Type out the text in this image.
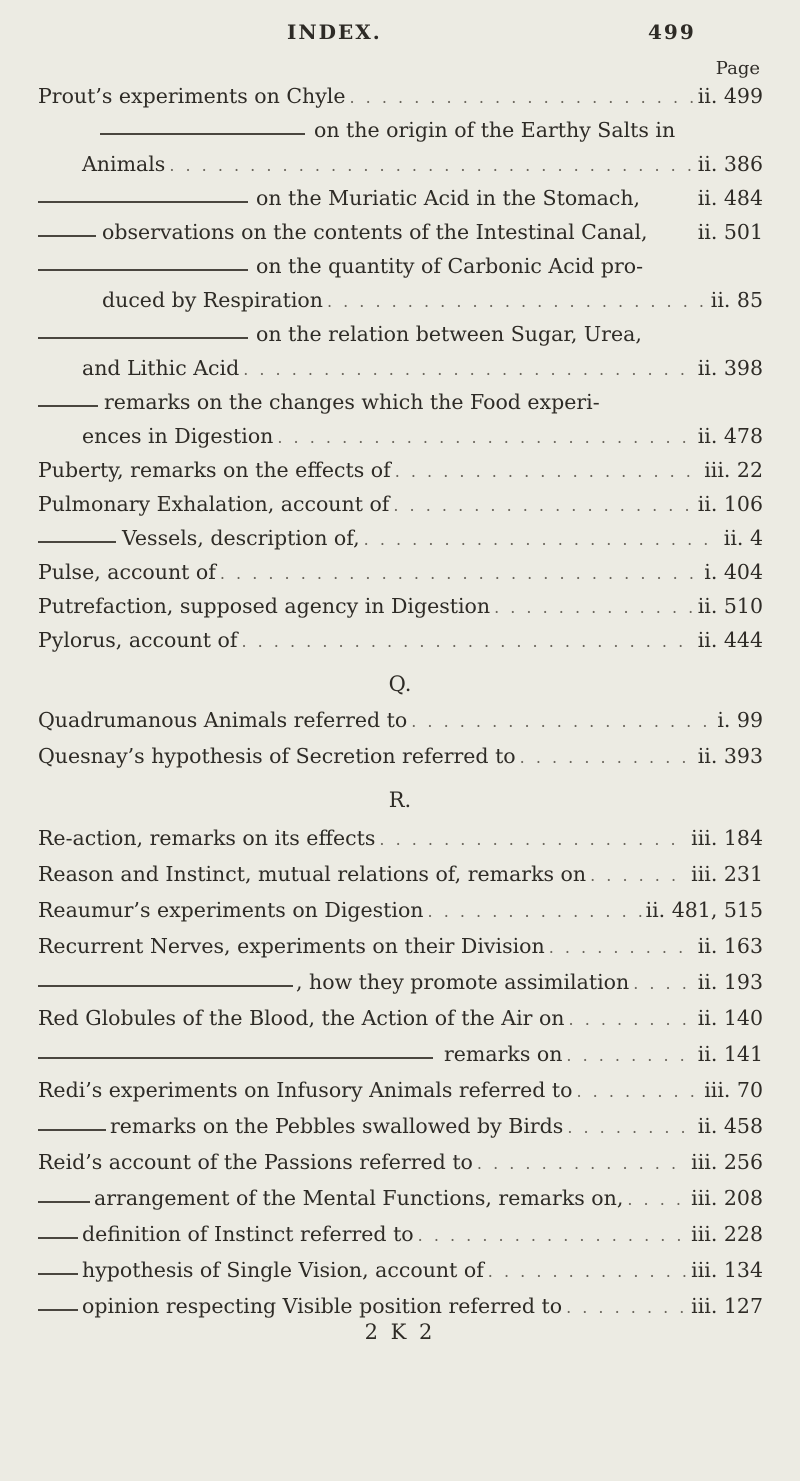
INDEX.	499
Page
Prout’s experiments on Chyle . . .	ii. 499
on the origin of the Earthy Salts in
Animals . . .	ii. 386
on the Muriatic Acid in the Stomach,	ii. 484
observations on the contents of the Intestinal Canal, ii. 501
on the quantity of Carbonic Acid pro-
duced by Respiration . . .	ii. 85
on the relation between Sugar, Urea,
and Lithic Acid . . .	ii. 398
remarks on the changes which the Food experi-
ences in Digestion . . .	ii. 478
Puberty, remarks on the effects of . . .	iii. 22
Pulmonary Exhalation, account of . . .	ii. 106
Vessels, description of, . . .	ii. 4
Pulse, account of . . .	i. 404
Putrefaction, supposed agency in Digestion . . .	ii. 510
Pylorus, account of . . .	ii. 444
Q.
Quadrumanous Animals referred to . . .	i. 99
Quesnay’s hypothesis of Secretion referred to . . .	ii. 393
R.
Re-action, remarks on its effects . . .	iii. 184
Reason and Instinct, mutual relations of, remarks on . . .	iii. 231
Reaumur’s experiments on Digestion . . .	ii. 481, 515
Recurrent Nerves, experiments on their Division . . .	ii. 163
, how they promote assimilation . . .	ii. 193
Red Globules of the Blood, the Action of the Air on . . .	ii. 140
remarks on . . .	ii. 141
Redi’s experiments on Infusory Animals referred to . . .	iii. 70
remarks on the Pebbles swallowed by Birds . . .	ii. 458
Reid’s account of the Passions referred to . . .	iii. 256
arrangement of the Mental Functions, remarks on, . . .	iii. 208
definition of Instinct referred to . . .	iii. 228
hypothesis of Single Vision, account of . . .	iii. 134
opinion respecting Visible position referred to . . .	iii. 127
2 K 2
